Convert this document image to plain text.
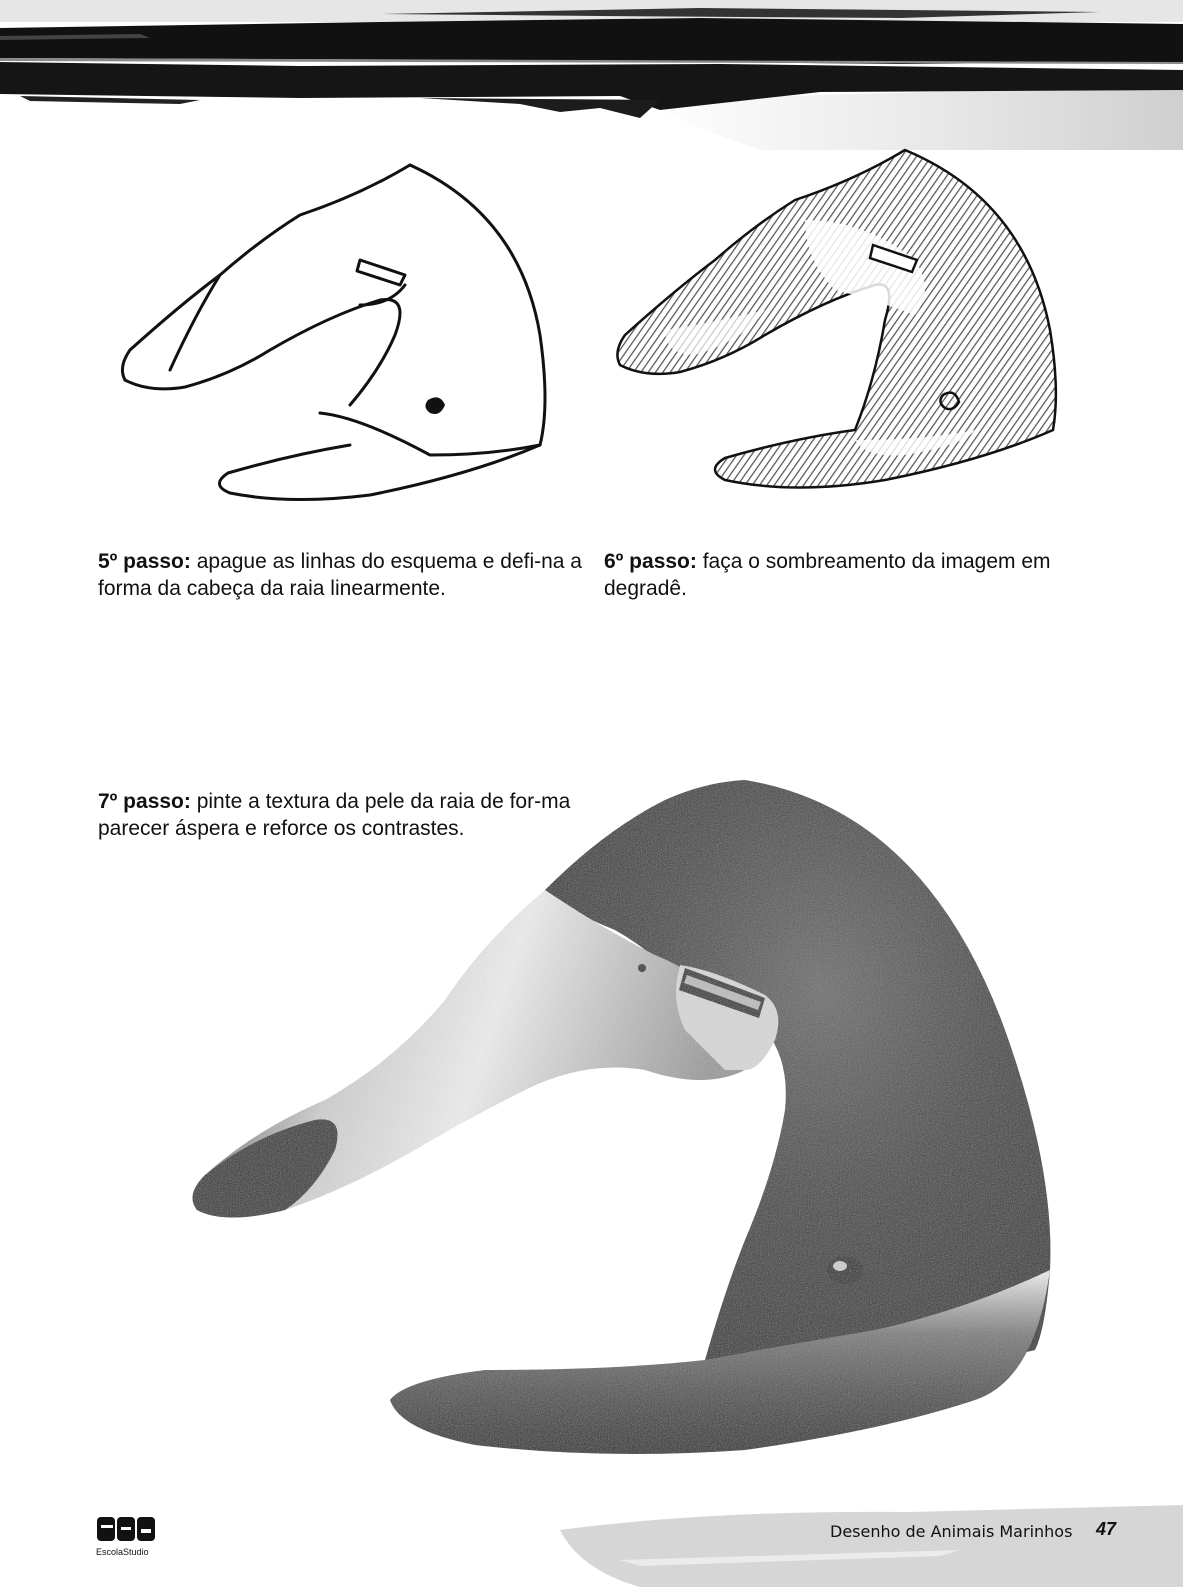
Telegram @clubederevistas
5º passo: apague as linhas do esquema e defi-na a forma da cabeça da raia linearmente.
6º passo: faça o sombreamento da imagem em degradê.
7º passo: pinte a textura da pele da raia de for-ma parecer áspera e reforce os contrastes.
EscolaStudio
Desenho de Animais Marinhos 47
